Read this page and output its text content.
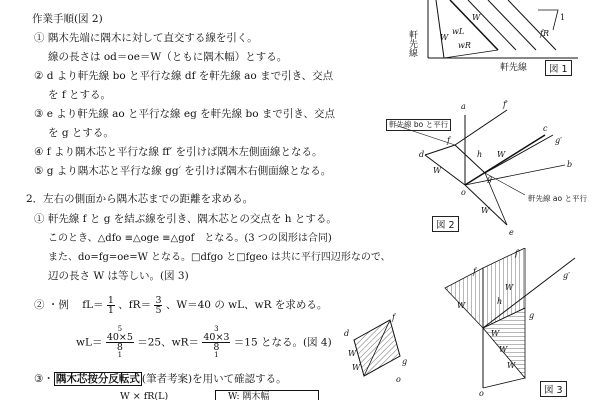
作業手順(図 2)
① 隅木先端に隅木に対して直交する線を引く。
線の長さは od＝oe＝W（ともに隅木幅）とする。
② d より軒先線 bo と平行な線 df を軒先線 ao まで引き、交点
を f とする。
③ e より軒先線 ao と平行な線 eg を軒先線 bo まで引き、交点
を g とする。
④ f より隅木芯と平行な線 ff′ を引けば隅木左側面線となる。
⑤ g より隅木芯と平行な線 gg′ を引けば隅木右側面線となる。
2．左右の側面から隅木芯までの距離を求める。
① 軒先線 f と g を結ぶ線を引き、隅木芯との交点を h とする。
このとき、△dfo ≡△oge ≡△gof　となる。(3 つの図形は合同)
また、do=fg=oe=W となる。□dfgo と□fgeo は共に平行四辺形なので、
辺の長さ W は等しい。(図 3)
② ・例 $fL= \frac{1}{1}$ 、$fR= \frac{3}{5}$ 、W＝40 の wL、wR を求める。
wL＝
5
40×5
8
1
＝25、wR＝
3
40×3
8
1
＝15 となる。(図 4)
③・ 隅木芯按分反転式 (筆者考案)を用いて確認する。
W × fR(L)	W: 隅木幅
軒先線
軒先線
W
wL
wR
W
fR
1
図 1
a	f′
c
g′
f
h W
g
b
W
d
o
W
e
軒先線 bo と平行
軒先線 ao と平行
図 2
f
f′
g′
h
W
W
W
W
W
g
o	図 3
d
W
W
f
g
o
